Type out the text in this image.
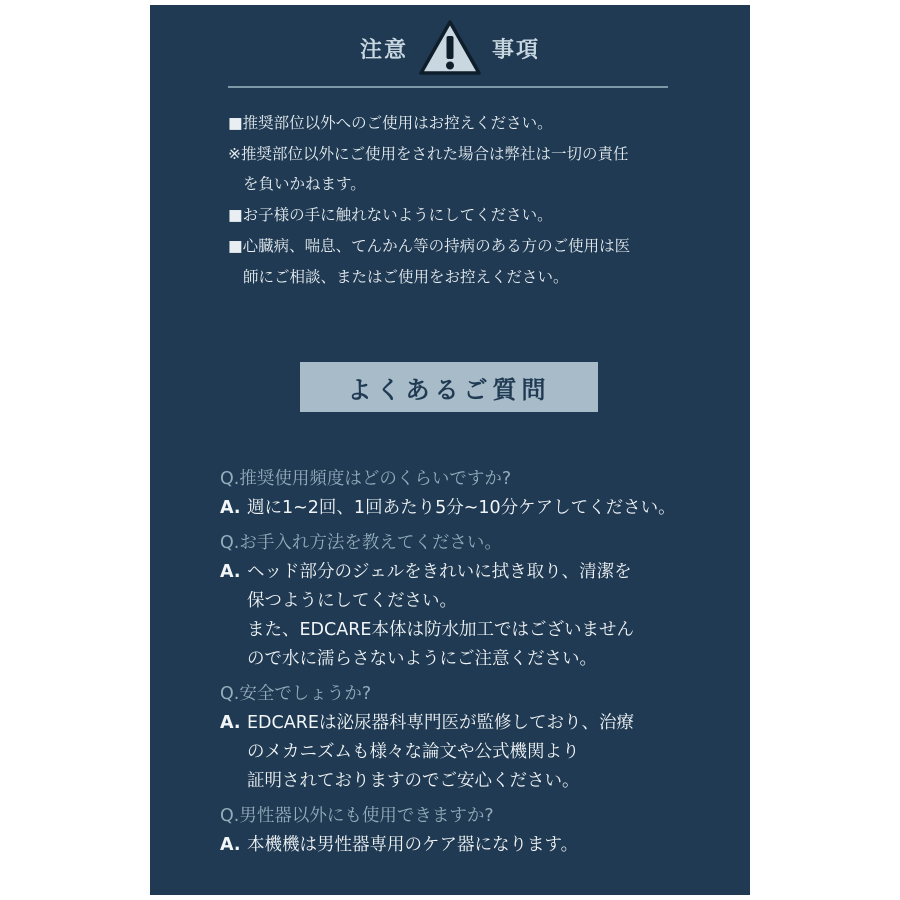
注意	事項
■推奨部位以外へのご使用はお控えください。
※推奨部位以外にご使用をされた場合は弊社は一切の責任
を負いかねます。
■お子様の手に触れないようにしてください。
■心臓病、喘息、てんかん等の持病のある方のご使用は医
師にご相談、またはご使用をお控えください。
よくあるご質問
Q.推奨使用頻度はどのくらいですか?
A. 週に1~2回、1回あたり5分~10分ケアしてください。
Q.お手入れ方法を教えてください。
A. ヘッド部分のジェルをきれいに拭き取り、清潔を
保つようにしてください。
また、EDCARE本体は防水加工ではございません
ので水に濡らさないようにご注意ください。
Q.安全でしょうか?
A. EDCAREは泌尿器科専門医が監修しており、治療
のメカニズムも様々な論文や公式機関より
証明されておりますのでご安心ください。
Q.男性器以外にも使用できますか?
A. 本機機は男性器専用のケア器になります。
